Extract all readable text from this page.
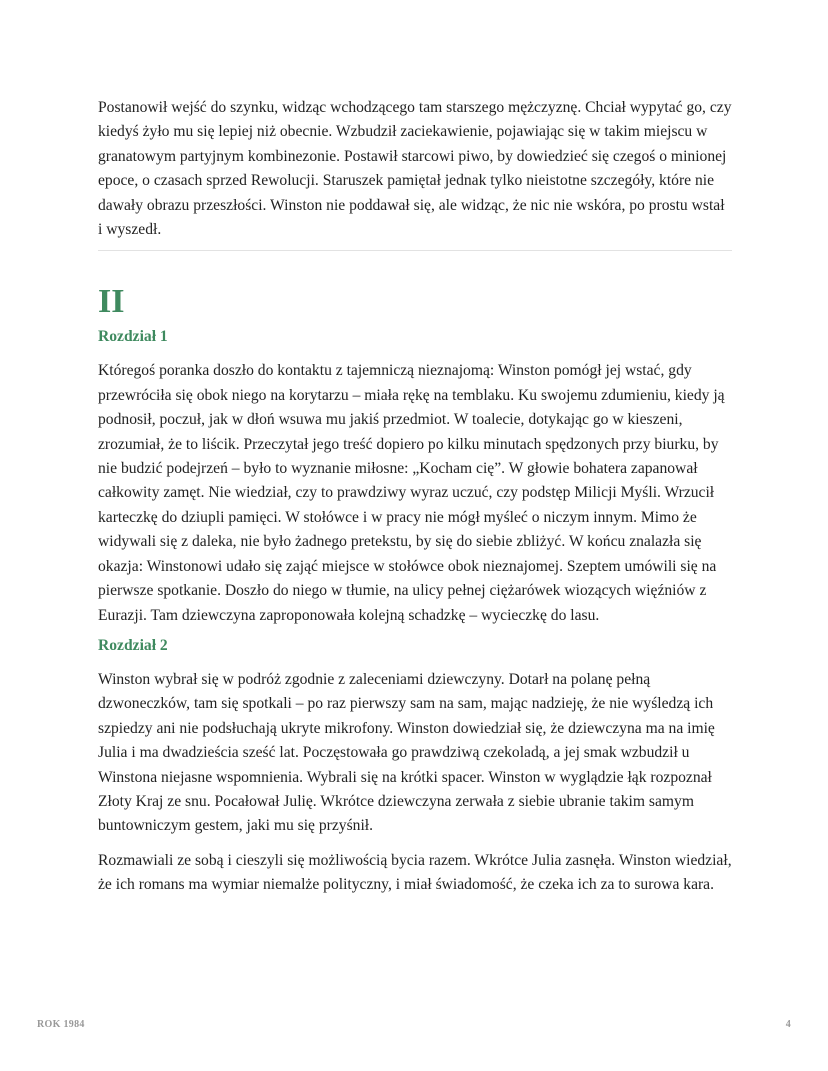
Postanowił wejść do szynku, widząc wchodzącego tam starszego mężczyznę. Chciał wypytać go, czy kiedyś żyło mu się lepiej niż obecnie. Wzbudził zaciekawienie, pojawiając się w takim miejscu w granatowym partyjnym kombinezonie. Postawił starcowi piwo, by dowiedzieć się czegoś o minionej epoce, o czasach sprzed Rewolucji. Staruszek pamiętał jednak tylko nieistotne szczegóły, które nie dawały obrazu przeszłości. Winston nie poddawał się, ale widząc, że nic nie wskóra, po prostu wstał i wyszedł.

II
Rozdział 1

Któregoś poranka doszło do kontaktu z tajemniczą nieznajomą: Winston pomógł jej wstać, gdy przewróciła się obok niego na korytarzu – miała rękę na temblaku. Ku swojemu zdumieniu, kiedy ją podnosił, poczuł, jak w dłoń wsuwa mu jakiś przedmiot. W toalecie, dotykając go w kieszeni, zrozumiał, że to liścik. Przeczytał jego treść dopiero po kilku minutach spędzonych przy biurku, by nie budzić podejrzeń – było to wyznanie miłosne: „Kocham cię”. W głowie bohatera zapanował całkowity zamęt. Nie wiedział, czy to prawdziwy wyraz uczuć, czy podstęp Milicji Myśli. Wrzucił karteczkę do dziupli pamięci. W stołówce i w pracy nie mógł myśleć o niczym innym. Mimo że widywali się z daleka, nie było żadnego pretekstu, by się do siebie zbliżyć. W końcu znalazła się okazja: Winstonowi udało się zająć miejsce w stołówce obok nieznajomej. Szeptem umówili się na pierwsze spotkanie. Doszło do niego w tłumie, na ulicy pełnej ciężarówek wiozących więźniów z Eurazji. Tam dziewczyna zaproponowała kolejną schadzkę – wycieczkę do lasu.

Rozdział 2

Winston wybrał się w podróż zgodnie z zaleceniami dziewczyny. Dotarł na polanę pełną dzwoneczków, tam się spotkali – po raz pierwszy sam na sam, mając nadzieję, że nie wyśledzą ich szpiedzy ani nie podsłuchają ukryte mikrofony. Winston dowiedział się, że dziewczyna ma na imię Julia i ma dwadzieścia sześć lat. Poczęstowała go prawdziwą czekoladą, a jej smak wzbudził u Winstona niejasne wspomnienia. Wybrali się na krótki spacer. Winston w wyglądzie łąk rozpoznał Złoty Kraj ze snu. Pocałował Julię. Wkrótce dziewczyna zerwała z siebie ubranie takim samym buntowniczym gestem, jaki mu się przyśnił.

Rozmawiali ze sobą i cieszyli się możliwością bycia razem. Wkrótce Julia zasnęła. Winston wiedział, że ich romans ma wymiar niemalże polityczny, i miał świadomość, że czeka ich za to surowa kara.

ROK 1984	4
